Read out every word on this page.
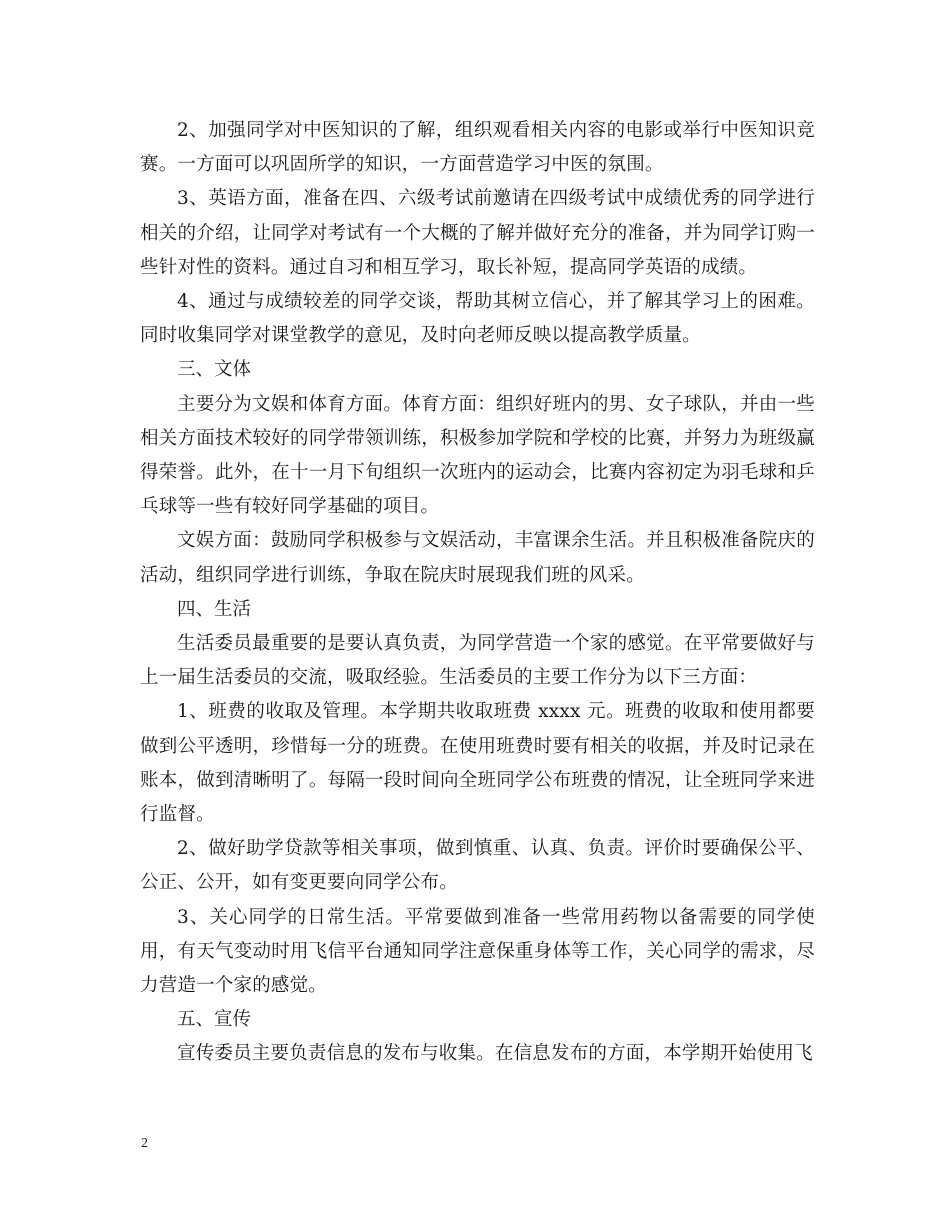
2、加强同学对中医知识的了解，组织观看相关内容的电影或举行中医知识竞赛。一方面可以巩固所学的知识，一方面营造学习中医的氛围。

3、英语方面，准备在四、六级考试前邀请在四级考试中成绩优秀的同学进行相关的介绍，让同学对考试有一个大概的了解并做好充分的准备，并为同学订购一些针对性的资料。通过自习和相互学习，取长补短，提高同学英语的成绩。

4、通过与成绩较差的同学交谈，帮助其树立信心，并了解其学习上的困难。同时收集同学对课堂教学的意见，及时向老师反映以提高教学质量。

三、文体

主要分为文娱和体育方面。体育方面：组织好班内的男、女子球队，并由一些相关方面技术较好的同学带领训练，积极参加学院和学校的比赛，并努力为班级赢得荣誉。此外，在十一月下旬组织一次班内的运动会，比赛内容初定为羽毛球和乒乓球等一些有较好同学基础的项目。

文娱方面：鼓励同学积极参与文娱活动，丰富课余生活。并且积极准备院庆的活动，组织同学进行训练，争取在院庆时展现我们班的风采。

四、生活

生活委员最重要的是要认真负责，为同学营造一个家的感觉。在平常要做好与上一届生活委员的交流，吸取经验。生活委员的主要工作分为以下三方面：

1、班费的收取及管理。本学期共收取班费 xxxx 元。班费的收取和使用都要做到公平透明，珍惜每一分的班费。在使用班费时要有相关的收据，并及时记录在账本，做到清晰明了。每隔一段时间向全班同学公布班费的情况，让全班同学来进行监督。

2、做好助学贷款等相关事项，做到慎重、认真、负责。评价时要确保公平、公正、公开，如有变更要向同学公布。

3、关心同学的日常生活。平常要做到准备一些常用药物以备需要的同学使用，有天气变动时用飞信平台通知同学注意保重身体等工作，关心同学的需求，尽力营造一个家的感觉。

五、宣传

宣传委员主要负责信息的发布与收集。在信息发布的方面，本学期开始使用飞

2
